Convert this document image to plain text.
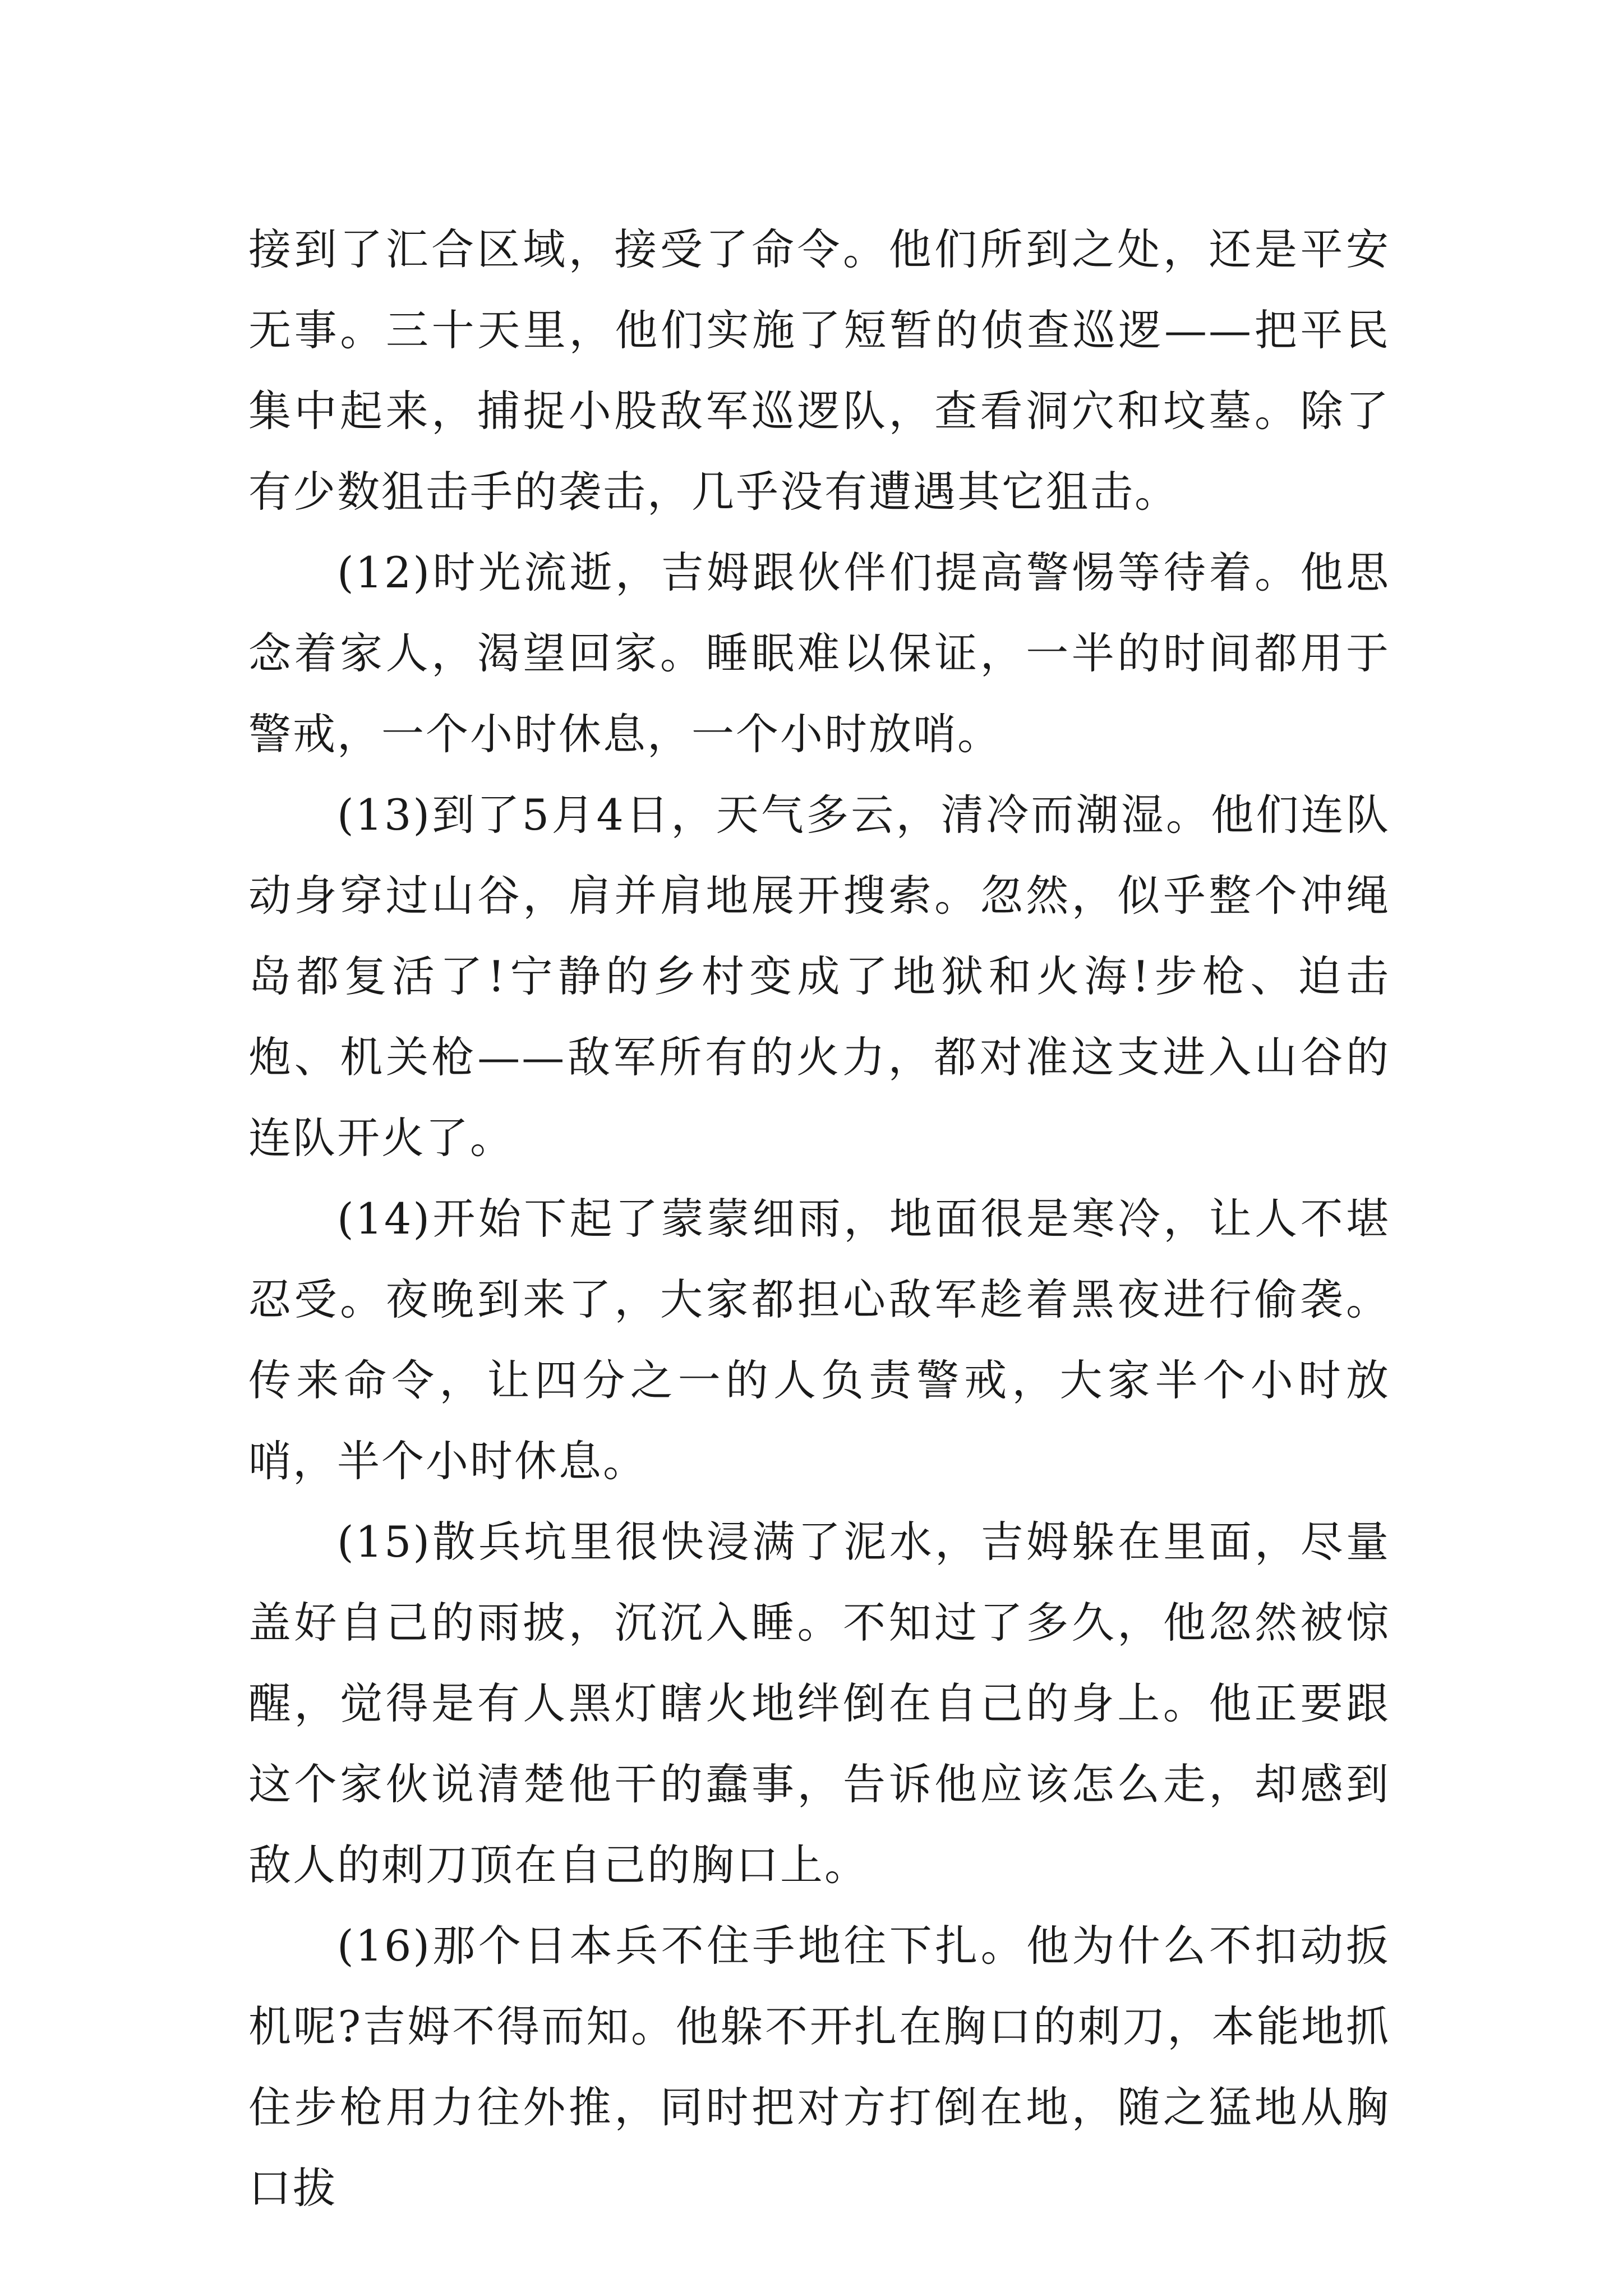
接到了汇合区域，接受了命令。他们所到之处，还是平安无事。三十天里，他们实施了短暂的侦查巡逻——把平民集中起来，捕捉小股敌军巡逻队，查看洞穴和坟墓。除了有少数狙击手的袭击，几乎没有遭遇其它狙击。

(12)时光流逝，吉姆跟伙伴们提高警惕等待着。他思念着家人，渴望回家。睡眠难以保证，一半的时间都用于警戒，一个小时休息，一个小时放哨。

(13)到了5月4日，天气多云，清冷而潮湿。他们连队动身穿过山谷，肩并肩地展开搜索。忽然，似乎整个冲绳岛都复活了!宁静的乡村变成了地狱和火海!步枪、迫击炮、机关枪——敌军所有的火力，都对准这支进入山谷的连队开火了。

(14)开始下起了蒙蒙细雨，地面很是寒冷，让人不堪忍受。夜晚到来了，大家都担心敌军趁着黑夜进行偷袭。传来命令，让四分之一的人负责警戒，大家半个小时放哨，半个小时休息。

(15)散兵坑里很快浸满了泥水，吉姆躲在里面，尽量盖好自己的雨披，沉沉入睡。不知过了多久，他忽然被惊醒，觉得是有人黑灯瞎火地绊倒在自己的身上。他正要跟这个家伙说清楚他干的蠢事，告诉他应该怎么走，却感到敌人的刺刀顶在自己的胸口上。

(16)那个日本兵不住手地往下扎。他为什么不扣动扳机呢?吉姆不得而知。他躲不开扎在胸口的刺刀，本能地抓住步枪用力往外推，同时把对方打倒在地，随之猛地从胸口拔
